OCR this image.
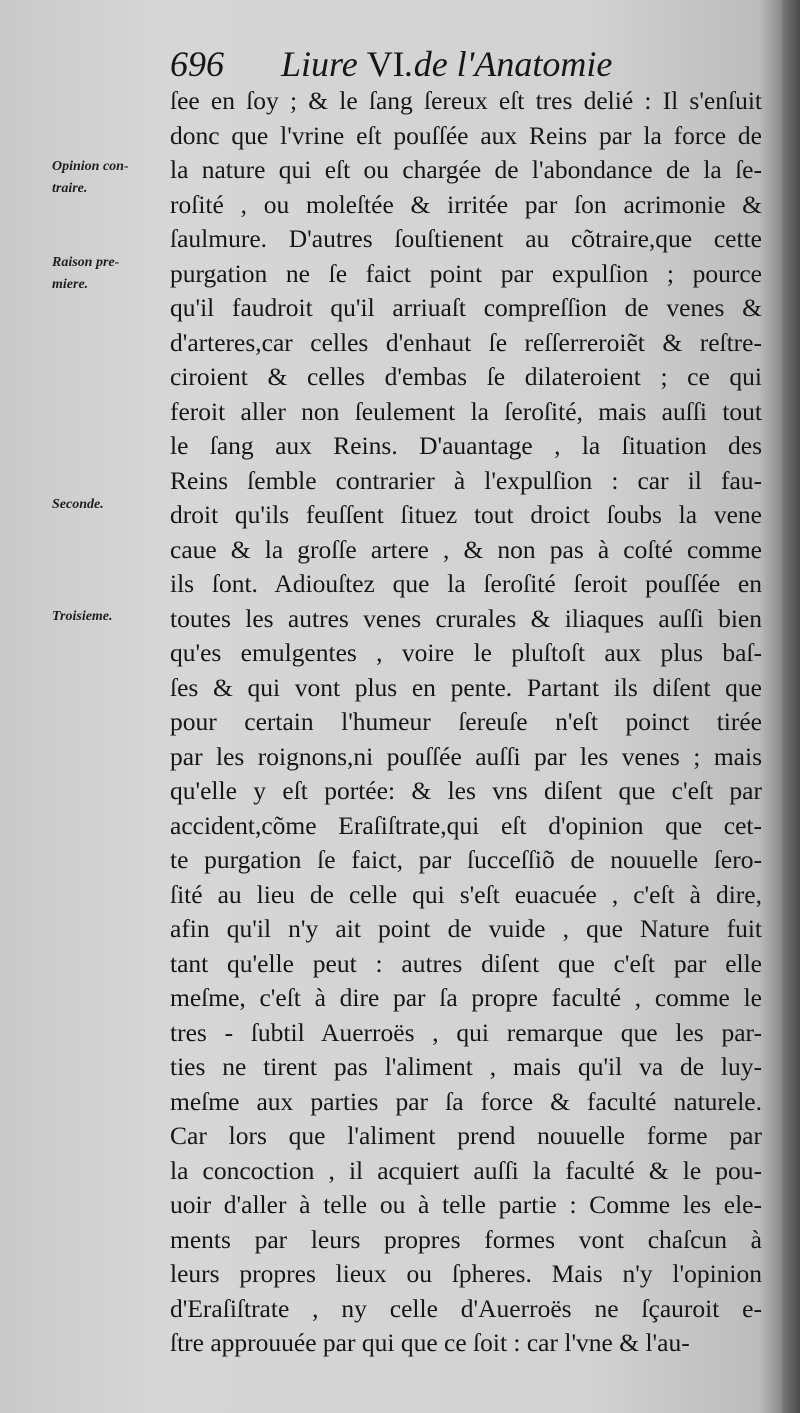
696 Liure VI.de l'Anatomie
Opinion con-
traire.
Raison pre-
miere.
Seconde.
Troisieme.
ſee en ſoy ; & le ſang ſereux eſt tres delié : Il s'enſuit
donc que l'vrine eſt pouſſée aux Reins par la force de
la nature qui eſt ou chargée de l'abondance de la ſe-
roſité , ou moleſtée & irritée par ſon acrimonie &
ſaulmure. D'autres ſouſtienent au cõtraire,que cette
purgation ne ſe faict point par expulſion ; pource
qu'il faudroit qu'il arriuaſt compreſſion de venes &
d'arteres,car celles d'enhaut ſe reſſerreroiẽt & reſtre-
ciroient & celles d'embas ſe dilateroient ; ce qui
feroit aller non ſeulement la ſeroſité, mais auſſi tout
le ſang aux Reins. D'auantage , la ſituation des
Reins ſemble contrarier à l'expulſion : car il fau-
droit qu'ils feuſſent ſituez tout droict ſoubs la vene
caue & la groſſe artere , & non pas à coſté comme
ils ſont. Adiouſtez que la ſeroſité ſeroit pouſſée en
toutes les autres venes crurales & iliaques auſſi bien
qu'es emulgentes , voire le pluſtoſt aux plus baſ-
ſes & qui vont plus en pente. Partant ils diſent que
pour certain l'humeur ſereuſe n'eſt poinct tirée
par les roignons,ni pouſſée auſſi par les venes ; mais
qu'elle y eſt portée: & les vns diſent que c'eſt par
accident,cõme Eraſiſtrate,qui eſt d'opinion que cet-
te purgation ſe faict, par ſucceſſiõ de nouuelle ſero-
ſité au lieu de celle qui s'eſt euacuée , c'eſt à dire,
afin qu'il n'y ait point de vuide , que Nature fuit
tant qu'elle peut : autres diſent que c'eſt par elle
meſme, c'eſt à dire par ſa propre faculté , comme le
tres - ſubtil Auerroës , qui remarque que les par-
ties ne tirent pas l'aliment , mais qu'il va de luy-
meſme aux parties par ſa force & faculté naturele.
Car lors que l'aliment prend nouuelle forme par
la concoction , il acquiert auſſi la faculté & le pou-
uoir d'aller à telle ou à telle partie : Comme les ele-
ments par leurs propres formes vont chaſcun à
leurs propres lieux ou ſpheres. Mais n'y l'opinion
d'Eraſiſtrate , ny celle d'Auerroës ne ſçauroit e-
ſtre approuuée par qui que ce ſoit : car l'vne & l'au-
